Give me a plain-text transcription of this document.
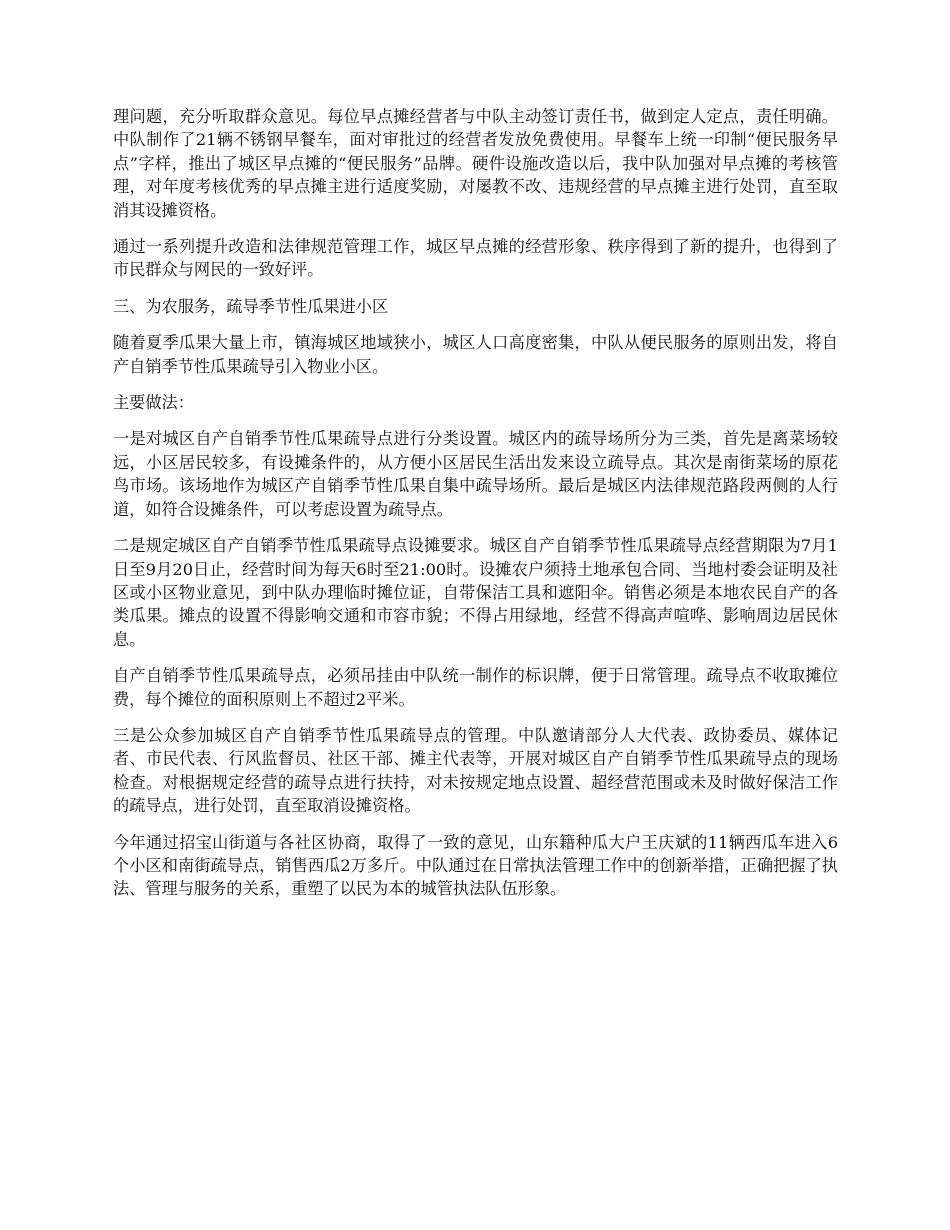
理问题，充分听取群众意见。每位早点摊经营者与中队主动签订责任书，做到定人定点，责任明确。中队制作了21辆不锈钢早餐车，面对审批过的经营者发放免费使用。早餐车上统一印制“便民服务早点”字样，推出了城区早点摊的“便民服务”品牌。硬件设施改造以后，我中队加强对早点摊的考核管理，对年度考核优秀的早点摊主进行适度奖励，对屡教不改、违规经营的早点摊主进行处罚，直至取消其设摊资格。

通过一系列提升改造和法律规范管理工作，城区早点摊的经营形象、秩序得到了新的提升，也得到了市民群众与网民的一致好评。

三、为农服务，疏导季节性瓜果进小区

随着夏季瓜果大量上市，镇海城区地域狭小，城区人口高度密集，中队从便民服务的原则出发，将自产自销季节性瓜果疏导引入物业小区。

主要做法：

一是对城区自产自销季节性瓜果疏导点进行分类设置。城区内的疏导场所分为三类，首先是离菜场较远，小区居民较多，有设摊条件的，从方便小区居民生活出发来设立疏导点。其次是南街菜场的原花鸟市场。该场地作为城区产自销季节性瓜果自集中疏导场所。最后是城区内法律规范路段两侧的人行道，如符合设摊条件，可以考虑设置为疏导点。

二是规定城区自产自销季节性瓜果疏导点设摊要求。城区自产自销季节性瓜果疏导点经营期限为7月1日至9月20日止，经营时间为每天6时至21:00时。设摊农户须持土地承包合同、当地村委会证明及社区或小区物业意见，到中队办理临时摊位证，自带保洁工具和遮阳伞。销售必须是本地农民自产的各类瓜果。摊点的设置不得影响交通和市容市貌；不得占用绿地，经营不得高声喧哗、影响周边居民休息。

自产自销季节性瓜果疏导点，必须吊挂由中队统一制作的标识牌，便于日常管理。疏导点不收取摊位费，每个摊位的面积原则上不超过2平米。

三是公众参加城区自产自销季节性瓜果疏导点的管理。中队邀请部分人大代表、政协委员、媒体记者、市民代表、行风监督员、社区干部、摊主代表等，开展对城区自产自销季节性瓜果疏导点的现场检查。对根据规定经营的疏导点进行扶持，对未按规定地点设置、超经营范围或未及时做好保洁工作的疏导点，进行处罚，直至取消设摊资格。

今年通过招宝山街道与各社区协商，取得了一致的意见，山东籍种瓜大户王庆斌的11辆西瓜车进入6个小区和南街疏导点，销售西瓜2万多斤。中队通过在日常执法管理工作中的创新举措，正确把握了执法、管理与服务的关系，重塑了以民为本的城管执法队伍形象。
